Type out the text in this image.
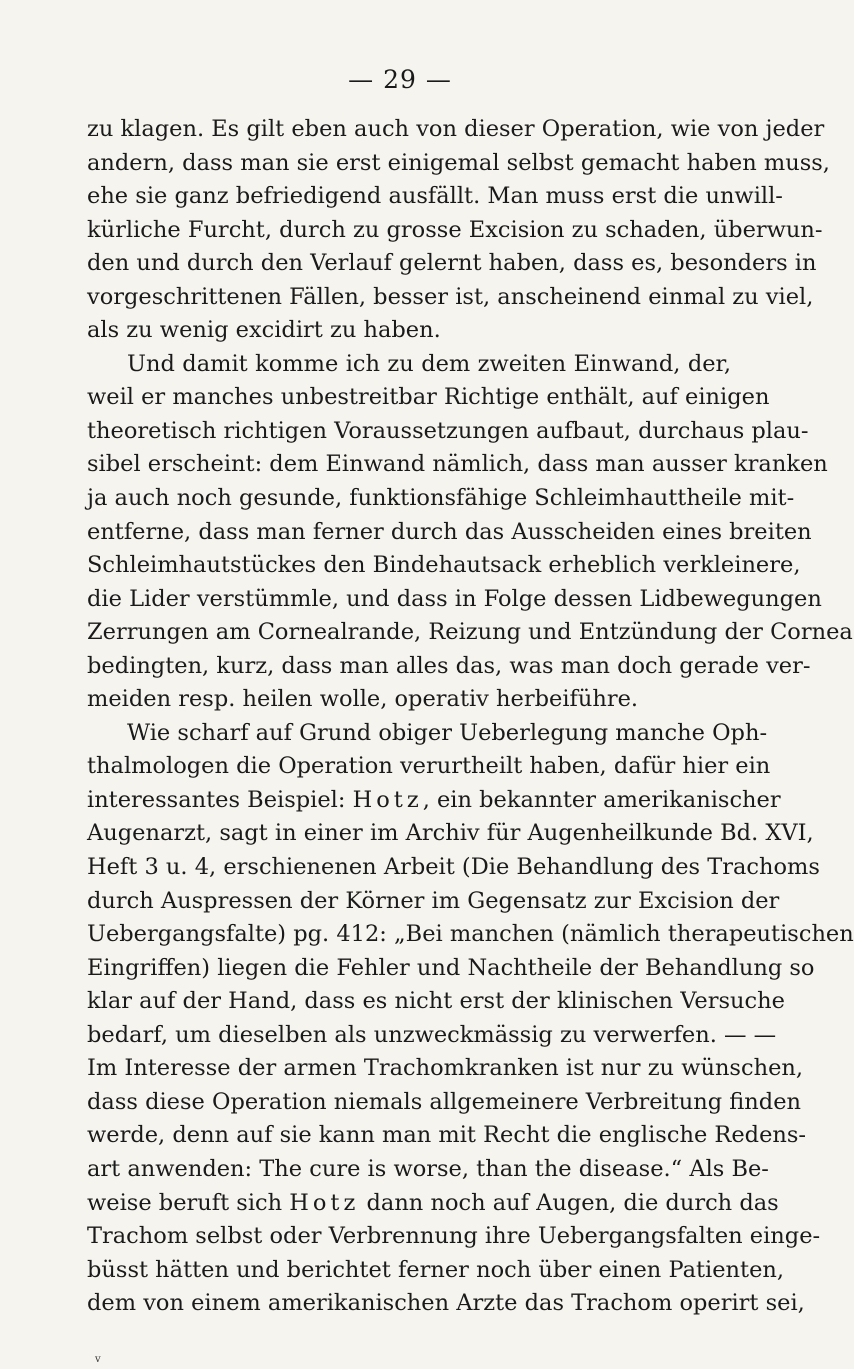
— 29 —
zu klagen. Es gilt eben auch von dieser Operation, wie von jeder
andern, dass man sie erst einigemal selbst gemacht haben muss,
ehe sie ganz befriedigend ausfällt. Man muss erst die unwill-
kürliche Furcht, durch zu grosse Excision zu schaden, überwun-
den und durch den Verlauf gelernt haben, dass es, besonders in
vorgeschrittenen Fällen, besser ist, anscheinend einmal zu viel,
als zu wenig excidirt zu haben.
Und damit komme ich zu dem zweiten Einwand, der,
weil er manches unbestreitbar Richtige enthält, auf einigen
theoretisch richtigen Voraussetzungen aufbaut, durchaus plau-
sibel erscheint: dem Einwand nämlich, dass man ausser kranken
ja auch noch gesunde, funktionsfähige Schleimhauttheile mit-
entferne, dass man ferner durch das Ausscheiden eines breiten
Schleimhautstückes den Bindehautsack erheblich verkleinere,
die Lider verstümmle, und dass in Folge dessen Lidbewegungen
Zerrungen am Cornealrande, Reizung und Entzündung der Cornea
bedingten, kurz, dass man alles das, was man doch gerade ver-
meiden resp. heilen wolle, operativ herbeiführe.
Wie scharf auf Grund obiger Ueberlegung manche Oph-
thalmologen die Operation verurtheilt haben, dafür hier ein
interessantes Beispiel: Hotz, ein bekannter amerikanischer
Augenarzt, sagt in einer im Archiv für Augenheilkunde Bd. XVI,
Heft 3 u. 4, erschienenen Arbeit (Die Behandlung des Trachoms
durch Auspressen der Körner im Gegensatz zur Excision der
Uebergangsfalte) pg. 412: „Bei manchen (nämlich therapeutischen
Eingriffen) liegen die Fehler und Nachtheile der Behandlung so
klar auf der Hand, dass es nicht erst der klinischen Versuche
bedarf, um dieselben als unzweckmässig zu verwerfen. — —
Im Interesse der armen Trachomkranken ist nur zu wünschen,
dass diese Operation niemals allgemeinere Verbreitung finden
werde, denn auf sie kann man mit Recht die englische Redens-
art anwenden: The cure is worse, than the disease.“ Als Be-
weise beruft sich Hotz dann noch auf Augen, die durch das
Trachom selbst oder Verbrennung ihre Uebergangsfalten einge-
büsst hätten und berichtet ferner noch über einen Patienten,
dem von einem amerikanischen Arzte das Trachom operirt sei,
v
